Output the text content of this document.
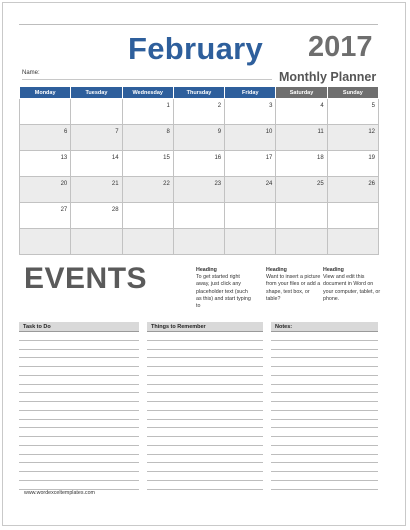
February 2017
Name:	Monthly Planner
Monday	Tuesday	Wednesday	Thursday	Friday	Saturday	Sunday
		1	2	3	4	5
6	7	8	9	10	11	12
13	14	15	16	17	18	19
20	21	22	23	24	25	26
27	28					

EVENTS	Heading
To get started right away, just click any placeholder text (such as this) and start typing to
Heading
Want to insert a picture from your files or add a shape, text box, or table?
Heading
View and edit this document in Word on your computer, tablet, or phone.
Task to Do	Things to Remember	Notes:
www.wordexceltemplates.com
